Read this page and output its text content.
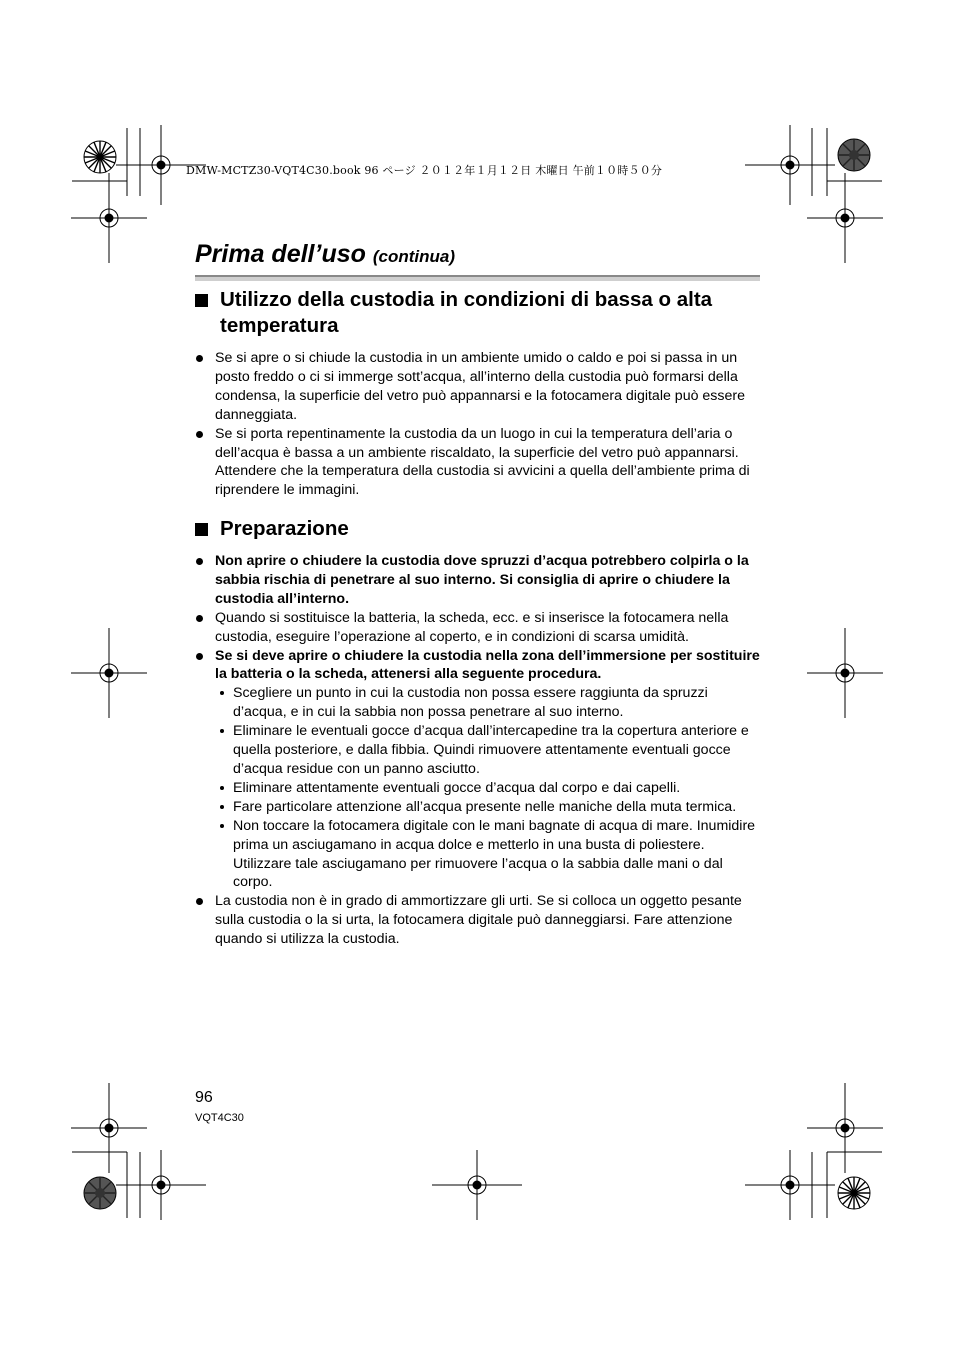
DMW-MCTZ30-VQT4C30.book 96 ページ ２０１２年１月１２日 木曜日 午前１０時５０分
Prima dell’uso (continua)
Utilizzo della custodia in condizioni di bassa o alta temperatura
Se si apre o si chiude la custodia in un ambiente umido o caldo e poi si passa in un posto freddo o ci si immerge sott’acqua, all’interno della custodia può formarsi della condensa, la superficie del vetro può appannarsi e la fotocamera digitale può essere danneggiata.
Se si porta repentinamente la custodia da un luogo in cui la temperatura dell’aria o dell’acqua è bassa a un ambiente riscaldato, la superficie del vetro può appannarsi. Attendere che la temperatura della custodia si avvicini a quella dell’ambiente prima di riprendere le immagini.
Preparazione
Non aprire o chiudere la custodia dove spruzzi d’acqua potrebbero colpirla o la sabbia rischia di penetrare al suo interno. Si consiglia di aprire o chiudere la custodia all’interno.
Quando si sostituisce la batteria, la scheda, ecc. e si inserisce la fotocamera nella custodia, eseguire l’operazione al coperto, e in condizioni di scarsa umidità.
Se si deve aprire o chiudere la custodia nella zona dell’immersione per sostituire la batteria o la scheda, attenersi alla seguente procedura.
Scegliere un punto in cui la custodia non possa essere raggiunta da spruzzi d’acqua, e in cui la sabbia non possa penetrare al suo interno.
Eliminare le eventuali gocce d’acqua dall’intercapedine tra la copertura anteriore e quella posteriore, e dalla fibbia. Quindi rimuovere attentamente eventuali gocce d’acqua residue con un panno asciutto.
Eliminare attentamente eventuali gocce d’acqua dal corpo e dai capelli.
Fare particolare attenzione all’acqua presente nelle maniche della muta termica.
Non toccare la fotocamera digitale con le mani bagnate di acqua di mare. Inumidire prima un asciugamano in acqua dolce e metterlo in una busta di poliestere. Utilizzare tale asciugamano per rimuovere l’acqua o la sabbia dalle mani o dal corpo.
La custodia non è in grado di ammortizzare gli urti. Se si colloca un oggetto pesante sulla custodia o la si urta, la fotocamera digitale può danneggiarsi. Fare attenzione quando si utilizza la custodia.
96
VQT4C30
